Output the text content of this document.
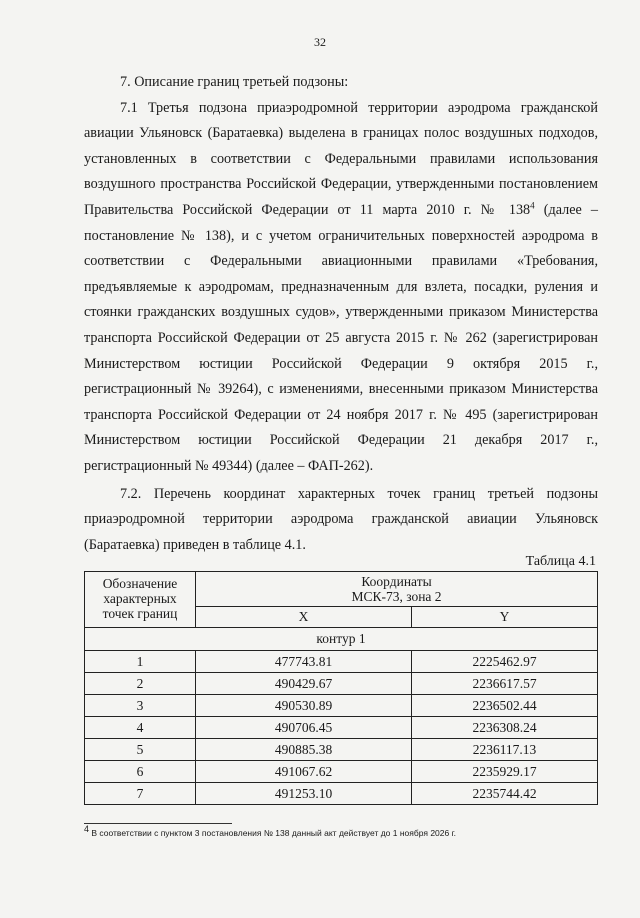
32

7. Описание границ третьей подзоны:

7.1 Третья подзона приаэродромной территории аэродрома гражданской
авиации Ульяновск (Баратаевка) выделена в границах полос воздушных подходов,
установленных в соответствии с Федеральными правилами использования
воздушного пространства Российской Федерации, утвержденными постановлением
Правительства Российской Федерации от 11 марта 2010 г. № $138^4$ (далее –
постановление № 138), и с учетом ограничительных поверхностей аэродрома в
соответствии с Федеральными авиационными правилами «Требования,
предъявляемые к аэродромам, предназначенным для взлета, посадки, руления и
стоянки гражданских воздушных судов», утвержденными приказом Министерства
транспорта Российской Федерации от 25 августа 2015 г. № 262 (зарегистрирован
Министерством юстиции Российской Федерации 9 октября 2015 г.,
регистрационный № 39264), с изменениями, внесенными приказом Министерства
транспорта Российской Федерации от 24 ноября 2017 г. № 495 (зарегистрирован
Министерством юстиции Российской Федерации 21 декабря 2017 г.,
регистрационный № 49344) (далее – ФАП-262).
7.2. Перечень координат характерных точек границ третьей подзоны
приаэродромной территории аэродрома гражданской авиации Ульяновск
(Баратаевка) приведен в таблице 4.1.
Таблица 4.1
Обозначение характерных точек границ	Координаты
МСК-73, зона 2	
	X	Y
контур 1		
1	477743.81	2225462.97
2	490429.67	2236617.57
3	490530.89	2236502.44
4	490706.45	2236308.24
5	490885.38	2236117.13
6	491067.62	2235929.17
7	491253.10	2235744.42
$^4$ В соответствии с пунктом 3 постановления № 138 данный акт действует до 1 ноября 2026 г.
